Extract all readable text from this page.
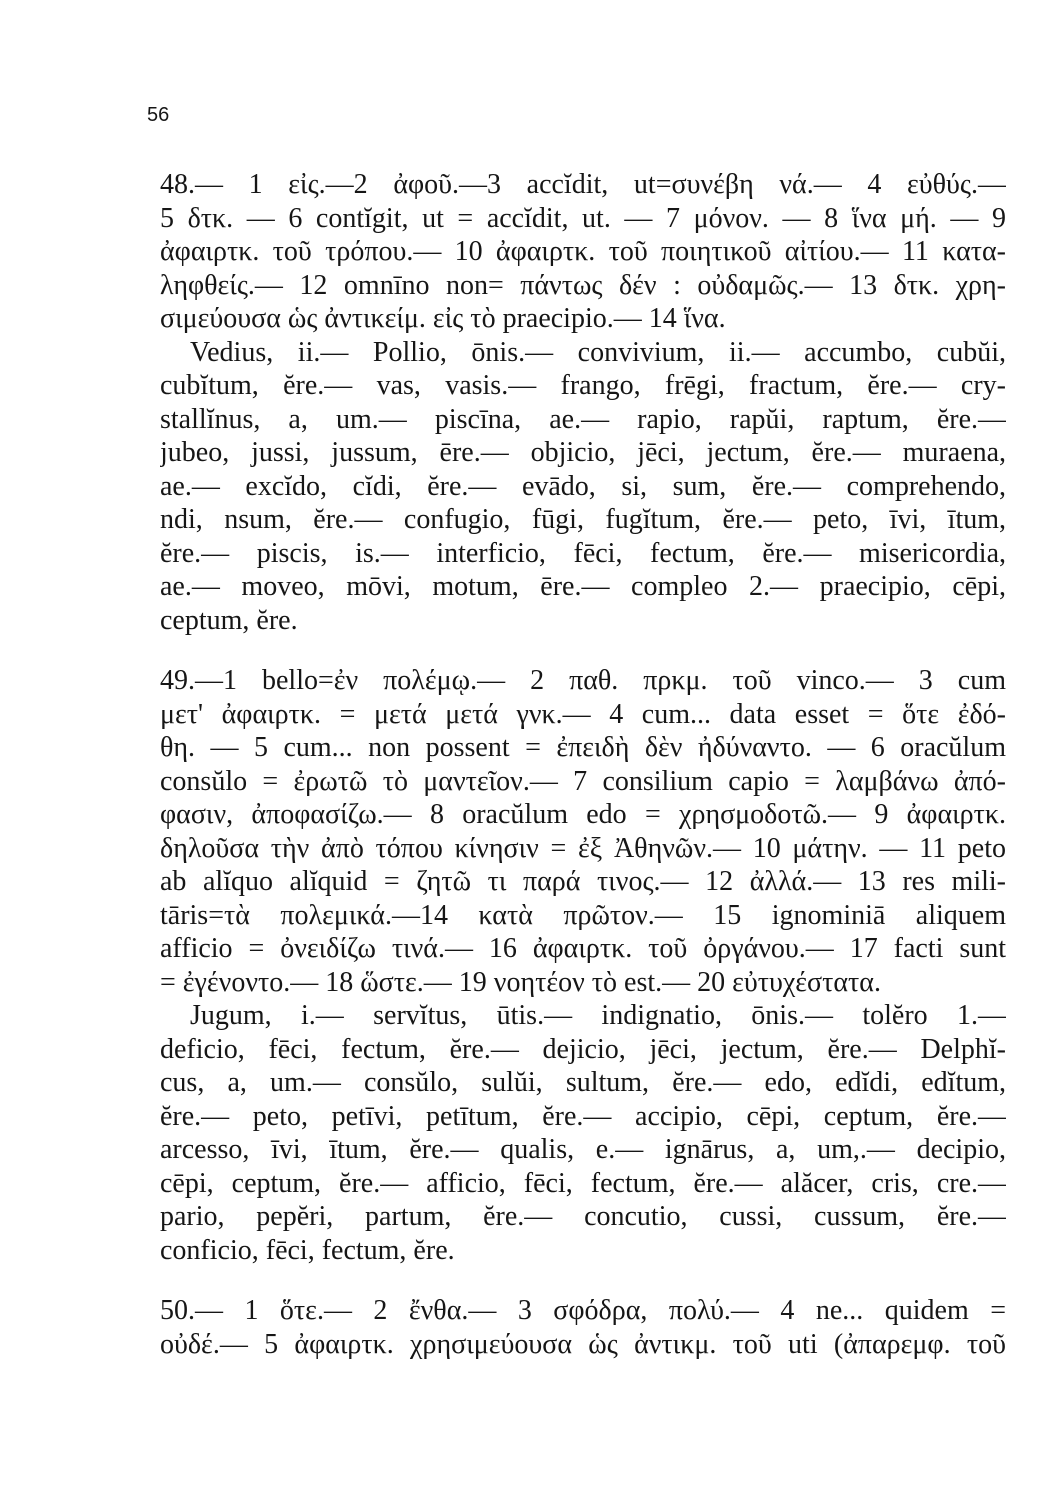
56
48.— 1 εἰς.—2 ἀφοῦ.—3 accĭdit, ut=συνέβη νά.— 4 εὐθύς.—
5 δτκ. — 6 contĭgit, ut = accĭdit, ut. — 7 μόνον. — 8 ἵνα μή. — 9
ἀφαιρτκ. τοῦ τρόπου.— 10 ἀφαιρτκ. τοῦ ποιητικοῦ αἰτίου.— 11 κατα-
ληφθείς.— 12 omnīno non= πάντως δέν : οὐδαμῶς.— 13 δτκ. χρη-
σιμεύουσα ὡς ἀντικείμ. εἰς τὸ praecipio.— 14 ἵνα.
Vedius, ii.— Pollio, ōnis.— convivium, ii.— accumbo, cubŭi,
cubĭtum, ĕre.— vas, vasis.— frango, frēgi, fractum, ĕre.— cry-
stallĭnus, a, um.— piscīna, ae.— rapio, rapŭi, raptum, ĕre.—
jubeo, jussi, jussum, ēre.— objicio, jēci, jectum, ĕre.— muraena,
ae.— excĭdo, cĭdi, ĕre.— evādo, si, sum, ĕre.— comprehendo,
ndi, nsum, ĕre.— confugio, fūgi, fugĭtum, ĕre.— peto, īvi, ītum,
ĕre.— piscis, is.— interficio, fēci, fectum, ĕre.— misericordia,
ae.— moveo, mōvi, motum, ēre.— compleo 2.— praecipio, cēpi,
ceptum, ĕre.
49.—1 bello=ἐν πολέμῳ.— 2 παθ. πρκμ. τοῦ vinco.— 3 cum
μετ' ἀφαιρτκ. = μετά μετά γνκ.— 4 cum... data esset = ὅτε ἐδό-
θη. — 5 cum... non possent = ἐπειδὴ δὲν ἠδύναντο. — 6 oracŭlum
consŭlo = ἐρωτῶ τὸ μαντεῖον.— 7 consilium capio = λαμβάνω ἀπό-
φασιν, ἀποφασίζω.— 8 oracŭlum edo = χρησμοδοτῶ.— 9 ἀφαιρτκ.
δηλοῦσα τὴν ἀπὸ τόπου κίνησιν = ἐξ Ἀθηνῶν.— 10 μάτην. — 11 peto
ab alĭquo alĭquid = ζητῶ τι παρά τινος.— 12 ἀλλά.— 13 res mili-
tāris=τὰ πολεμικά.—14 κατὰ πρῶτον.— 15 ignominiā aliquem
afficio = ὀνειδίζω τινά.— 16 ἀφαιρτκ. τοῦ ὀργάνου.— 17 facti sunt
= ἐγένοντο.— 18 ὥστε.— 19 νοητέον τὸ est.— 20 εὐτυχέστατα.
Jugum, i.— servĭtus, ūtis.— indignatio, ōnis.— tolĕro 1.—
deficio, fēci, fectum, ĕre.— dejicio, jēci, jectum, ĕre.— Delphĭ-
cus, a, um.— consŭlo, sulŭi, sultum, ĕre.— edo, edĭdi, edĭtum,
ĕre.— peto, petīvi, petītum, ĕre.— accipio, cēpi, ceptum, ĕre.—
arcesso, īvi, ītum, ĕre.— qualis, e.— ignārus, a, um,.— decipio,
cēpi, ceptum, ĕre.— afficio, fēci, fectum, ĕre.— alăcer, cris, cre.—
pario, pepĕri, partum, ĕre.— concutio, cussi, cussum, ĕre.—
conficio, fēci, fectum, ĕre.
50.— 1 ὅτε.— 2 ἔνθα.— 3 σφόδρα, πολύ.— 4 ne... quidem =
οὐδέ.— 5 ἀφαιρτκ. χρησιμεύουσα ὡς ἀντικμ. τοῦ uti (ἀπαρεμφ. τοῦ
